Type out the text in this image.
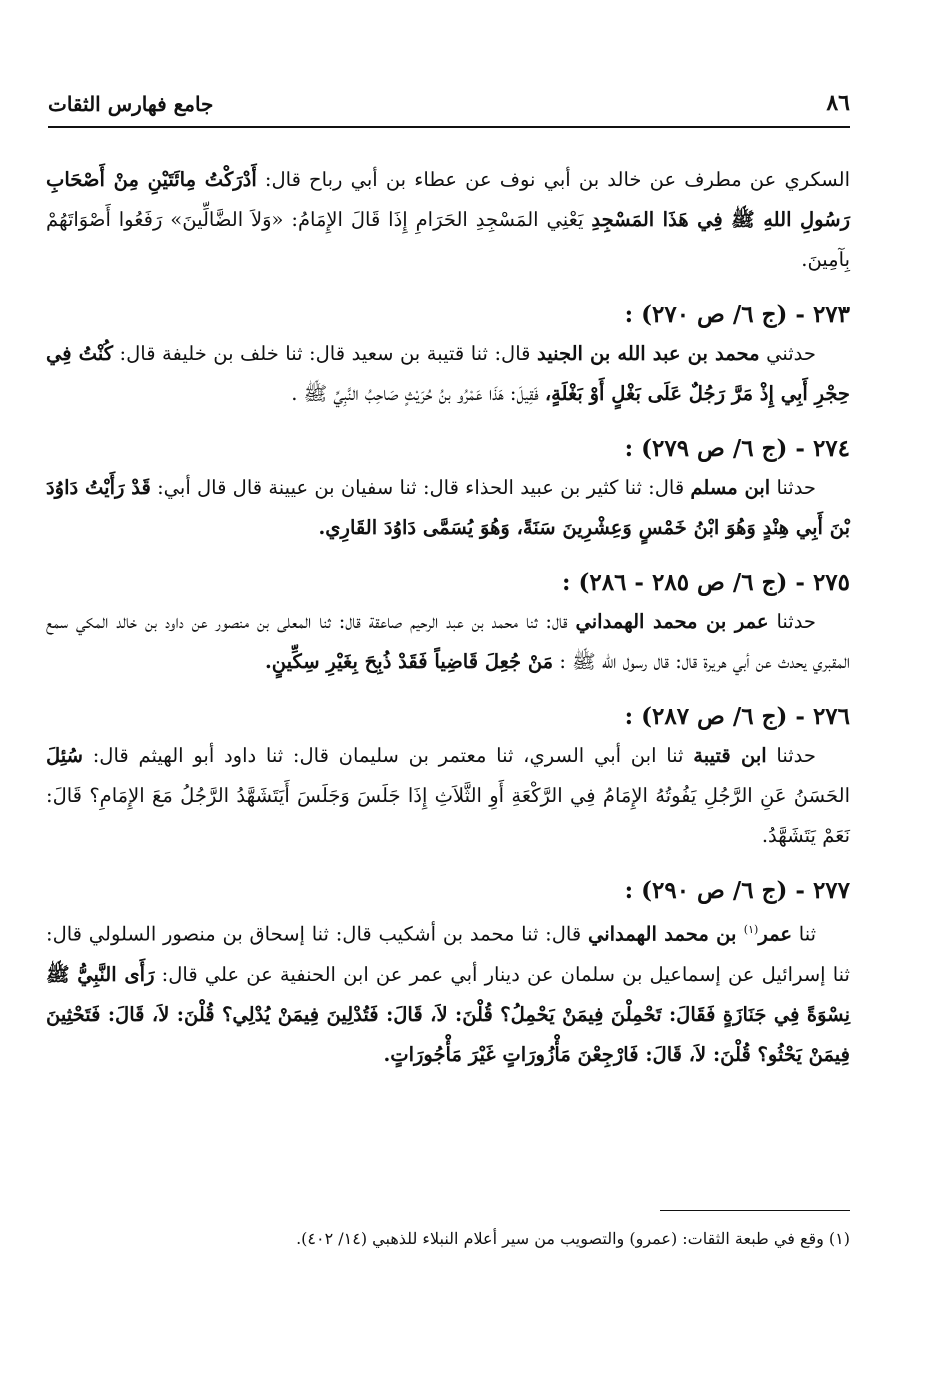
٨٦
جامع فهارس الثقات

السكري عن مطرف عن خالد بن أبي نوف عن عطاء بن أبي رباح قال: أَدْرَكْتُ مِائَتَيْنِ مِنْ أَصْحَابِ رَسُولِ اللهِ ﷺ فِي هَذَا المَسْجِدِ يَعْنِي المَسْجِدِ الحَرَامِ إِذَا قَالَ الإِمَامُ: «وَلاَ الضَّالِّينَ» رَفَعُوا أَصْوَاتَهُمْ بِآمِينَ.

٢٧٣ - (ج ٦/ ص ٢٧٠) :

حدثني محمد بن عبد الله بن الجنيد قال: ثنا قتيبة بن سعيد قال: ثنا خلف بن خليفة قال: كُنْتُ فِي حِجْرِ أَبِي إِذْ مَرَّ رَجُلٌ عَلَى بَغْلٍ أَوْ بَغْلَةٍ، فَقِيلَ: هَذَا عَمْرُو بنُ حُرَيْثٍ صَاحِبُ النَّبِيِّ ﷺ .

٢٧٤ - (ج ٦/ ص ٢٧٩) :

حدثنا ابن مسلم قال: ثنا كثير بن عبيد الحذاء قال: ثنا سفيان بن عيينة قال قال أبي: قَدْ رَأَيْتُ دَاوُدَ بْنَ أَبِي هِنْدٍ وَهُوَ ابْنُ خَمْسٍ وَعِشْرِينَ سَنَةً، وَهُوَ يُسَمَّى دَاوُدَ القَارِي.

٢٧٥ - (ج ٦/ ص ٢٨٥ - ٢٨٦) :

حدثنا عمر بن محمد الهمداني قال: ثنا محمد بن عبد الرحيم صاعقة قال: ثنا المعلى بن منصور عن داود بن خالد المكي سمع المقبري يحدث عن أبي هريرة قال: قال رسول الله ﷺ : مَنْ جُعِلَ قَاضِياً فَقَدْ ذُبِحَ بِغَيْرِ سِكِّينٍ.

٢٧٦ - (ج ٦/ ص ٢٨٧) :

حدثنا ابن قتيبة ثنا ابن أبي السري، ثنا معتمر بن سليمان قال: ثنا داود أبو الهيثم قال: سُئِلَ الحَسَنُ عَنِ الرَّجُلِ يَفُوتُهُ الإِمَامُ فِي الرَّكْعَةِ أَوِ الثَّلاَثِ إِذَا جَلَسَ وَجَلَسَ أَيَتَشَهَّدُ الرَّجُلُ مَعَ الإِمَامِ؟ قَالَ: نَعَمْ يَتَشَهَّدُ.

٢٧٧ - (ج ٦/ ص ٢٩٠) :

ثنا عمر$^{(١)}$ بن محمد الهمداني قال: ثنا محمد بن أشكيب قال: ثنا إسحاق بن منصور السلولي قال: ثنا إسرائيل عن إسماعيل بن سلمان عن دينار أبي عمر عن ابن الحنفية عن علي قال: رَأَى النَّبِيُّ ﷺ نِسْوَةً فِي جَنَازَةٍ فَقَالَ: تَحْمِلْنَ فِيمَنْ يَحْمِلُ؟ قُلْنَ: لاَ، قَالَ: فَتُدْلِينَ فِيمَنْ يُدْلِي؟ قُلْنَ: لاَ، قَالَ: فَتَحْثِينَ فِيمَنْ يَحْثُو؟ قُلْنَ: لاَ، قَالَ: فَارْجِعْنَ مَأْزُورَاتٍ غَيْرَ مَأْجُورَاتٍ.

(١) وقع في طبعة الثقات: (عمرو) والتصويب من سير أعلام النبلاء للذهبي (١٤/ ٤٠٢).
